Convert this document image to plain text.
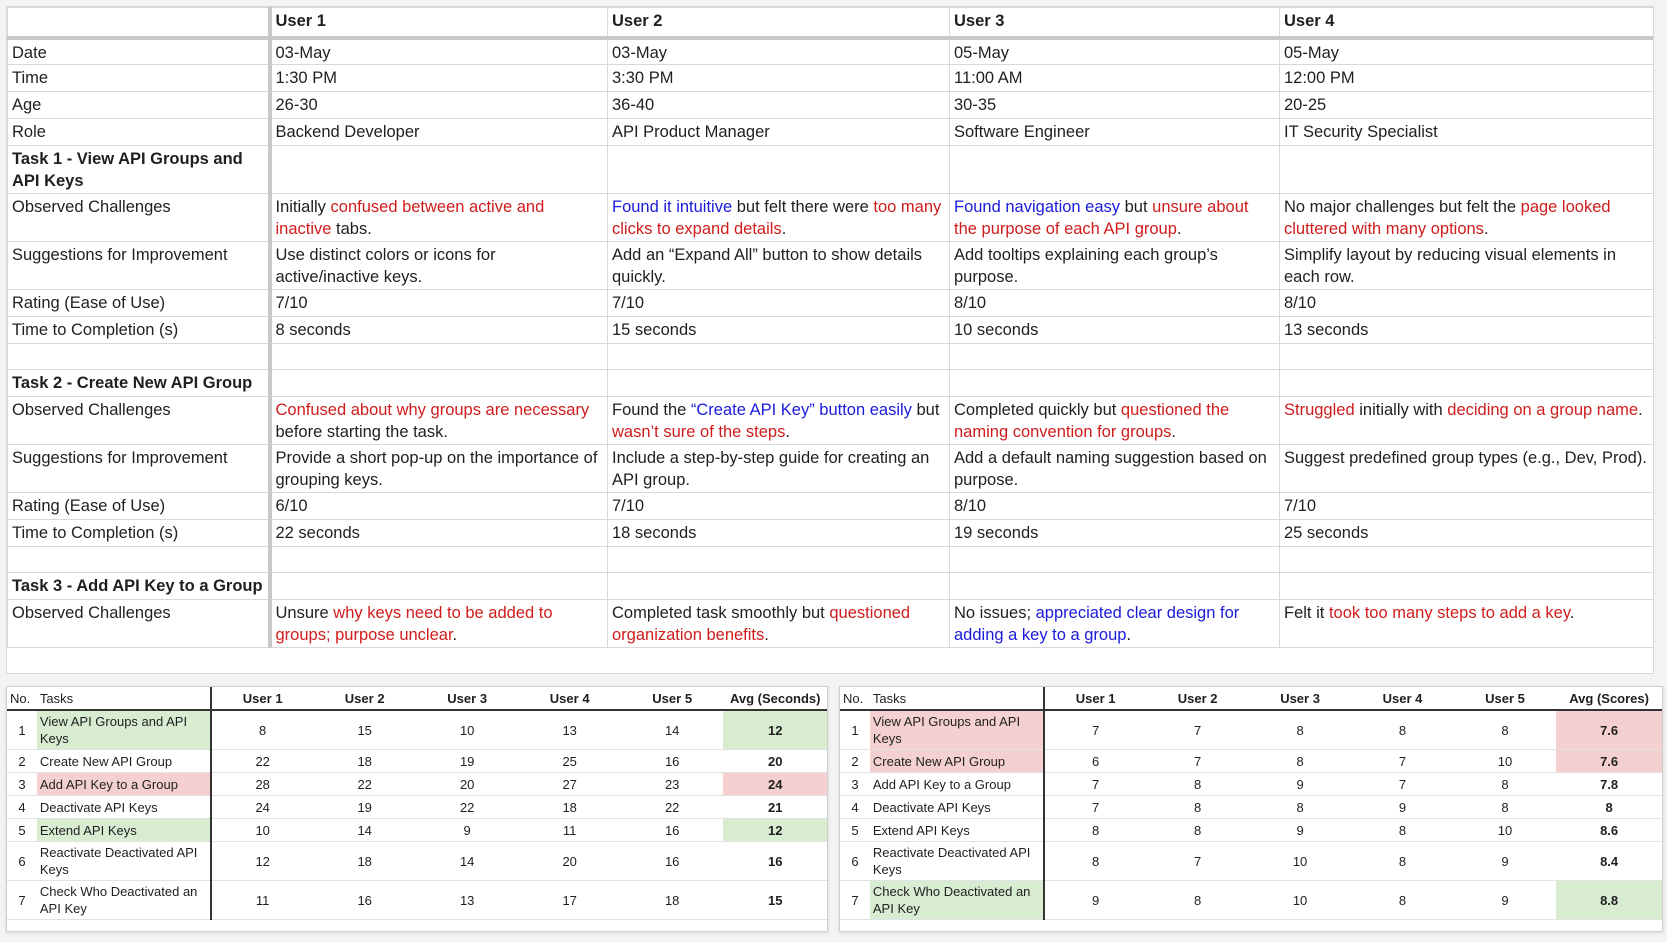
	User 1	User 2	User 3	User 4
Date	03-May	03-May	05-May	05-May
Time	1:30 PM	3:30 PM	11:00 AM	12:00 PM
Age	26-30	36-40	30-35	20-25
Role	Backend Developer	API Product Manager	Software Engineer	IT Security Specialist
Task 1 - View API Groups and API Keys				
Observed Challenges	Initially confused between active and inactive tabs.	Found it intuitive but felt there were too many clicks to expand details.	Found navigation easy but unsure about the purpose of each API group.	No major challenges but felt the page looked cluttered with many options.
Suggestions for Improvement	Use distinct colors or icons for active/inactive keys.	Add an “Expand All” button to show details quickly.	Add tooltips explaining each group’s purpose.	Simplify layout by reducing visual elements in each row.
Rating (Ease of Use)	7/10	7/10	8/10	8/10
Time to Completion (s)	8 seconds	15 seconds	10 seconds	13 seconds

Task 2 - Create New API Group				
Observed Challenges	Confused about why groups are necessary before starting the task.	Found the “Create API Key” button easily but wasn’t sure of the steps.	Completed quickly but questioned the naming convention for groups.	Struggled initially with deciding on a group name.
Suggestions for Improvement	Provide a short pop-up on the importance of grouping keys.	Include a step-by-step guide for creating an API group.	Add a default naming suggestion based on purpose.	Suggest predefined group types (e.g., Dev, Prod).
Rating (Ease of Use)	6/10	7/10	8/10	7/10
Time to Completion (s)	22 seconds	18 seconds	19 seconds	25 seconds

Task 3 - Add API Key to a Group				
Observed Challenges	Unsure why keys need to be added to groups; purpose unclear.	Completed task smoothly but questioned organization benefits.	No issues; appreciated clear design for adding a key to a group.	Felt it took too many steps to add a key.
No.	Tasks	User 1	User 2	User 3	User 4	User 5	Avg (Seconds)
1	View API Groups and API Keys	8	15	10	13	14	12
2	Create New API Group	22	18	19	25	16	20
3	Add API Key to a Group	28	22	20	27	23	24
4	Deactivate API Keys	24	19	22	18	22	21
5	Extend API Keys	10	14	9	11	16	12
6	Reactivate Deactivated API Keys	12	18	14	20	16	16
7	Check Who Deactivated an API Key	11	16	13	17	18	15
No.	Tasks	User 1	User 2	User 3	User 4	User 5	Avg (Scores)
1	View API Groups and API Keys	7	7	8	8	8	7.6
2	Create New API Group	6	7	8	7	10	7.6
3	Add API Key to a Group	7	8	9	7	8	7.8
4	Deactivate API Keys	7	8	8	9	8	8
5	Extend API Keys	8	8	9	8	10	8.6
6	Reactivate Deactivated API Keys	8	7	10	8	9	8.4
7	Check Who Deactivated an API Key	9	8	10	8	9	8.8
